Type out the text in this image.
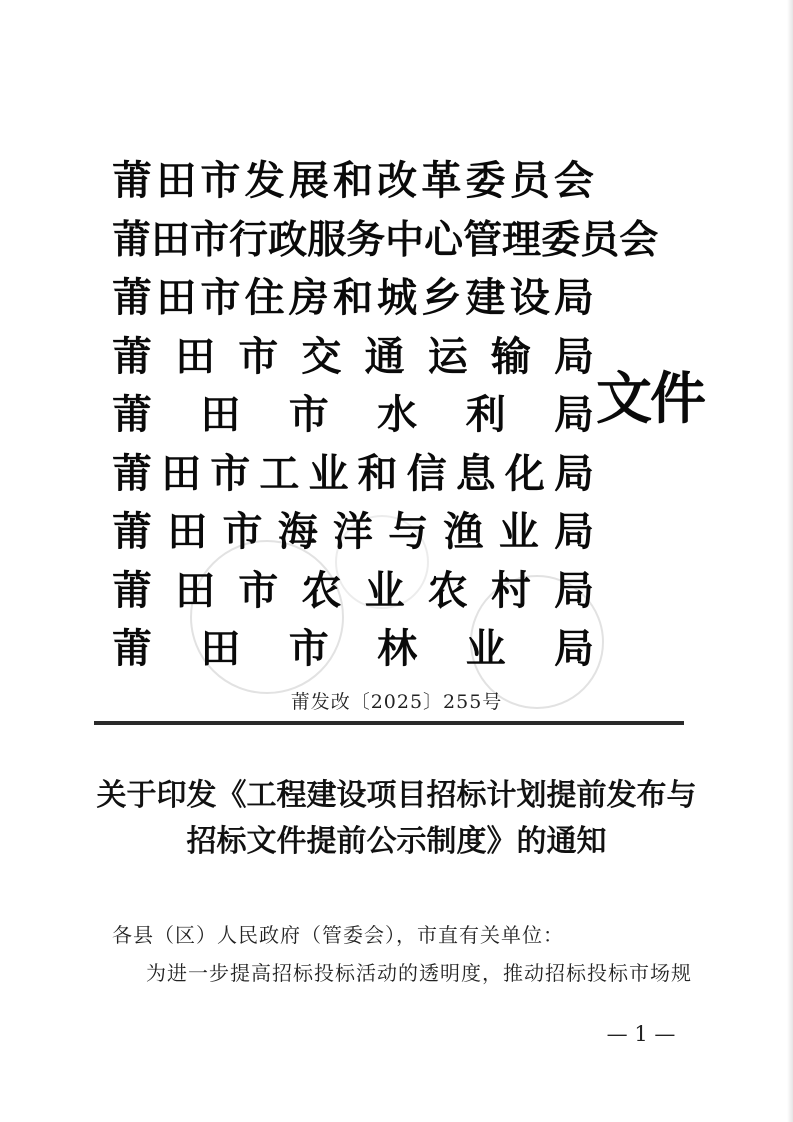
莆 田 市 发 展 和 改 革 委 员 会
莆 田 市 行 政 服 务 中 心 管 理 委 员 会
莆 田 市 住 房 和 城 乡 建 设 局
莆 田 市 交 通 运 输 局
莆 田 市 水 利 局
莆 田 市 工 业 和 信 息 化 局
莆 田 市 海 洋 与 渔 业 局
莆 田 市 农 业 农 村 局
莆 田 市 林 业 局
文件
莆发改〔2025〕255号
关于印发《工程建设项目招标计划提前发布与
招标文件提前公示制度》的通知
各县（区）人民政府（管委会），市直有关单位：
为进一步提高招标投标活动的透明度，推动招标投标市场规
— 1 —
